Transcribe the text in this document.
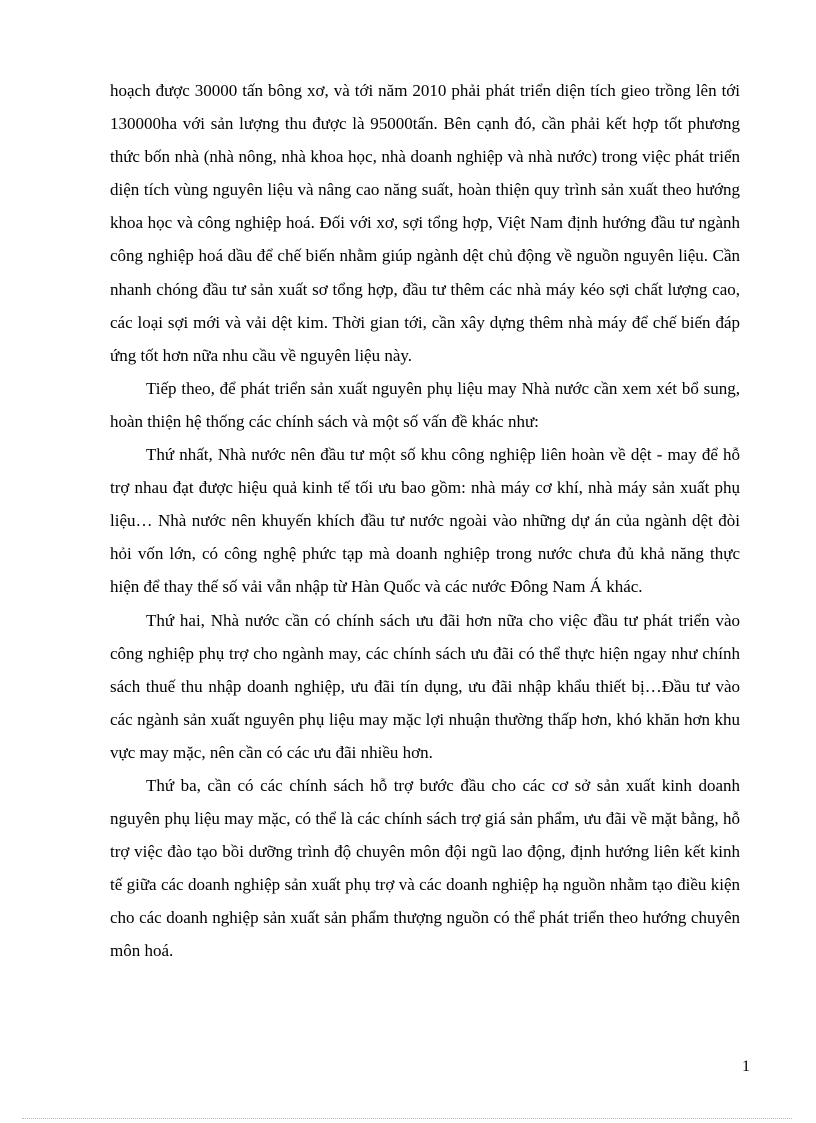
hoạch được 30000 tấn bông xơ, và tới năm 2010 phải phát triển diện tích gieo trồng lên tới 130000ha với sản lượng thu được là 95000tấn. Bên cạnh đó, cần phải kết hợp tốt phương thức bốn nhà (nhà nông, nhà khoa học, nhà doanh nghiệp và nhà nước) trong việc phát triển diện tích vùng nguyên liệu và nâng cao năng suất, hoàn thiện quy trình sản xuất theo hướng khoa học và công nghiệp hoá. Đối với xơ, sợi tổng hợp, Việt Nam định hướng đầu tư ngành công nghiệp hoá dầu để chế biến nhằm giúp ngành dệt chủ động về nguồn nguyên liệu. Cần nhanh chóng đầu tư sản xuất sơ tổng hợp, đầu tư thêm các nhà máy kéo sợi chất lượng cao, các loại sợi mới và vải dệt kim. Thời gian tới, cần xây dựng thêm nhà máy để chế biến đáp ứng tốt hơn nữa nhu cầu về nguyên liệu này.

Tiếp theo, để phát triển sản xuất nguyên phụ liệu may Nhà nước cần xem xét bổ sung, hoàn thiện hệ thống các chính sách và một số vấn đề khác như:

Thứ nhất, Nhà nước nên đầu tư một số khu công nghiệp liên hoàn về dệt - may để hỗ trợ nhau đạt được hiệu quả kinh tế tối ưu bao gồm: nhà máy cơ khí, nhà máy sản xuất phụ liệu… Nhà nước nên khuyến khích đầu tư nước ngoài vào những dự án của ngành dệt đòi hỏi vốn lớn, có công nghệ phức tạp mà doanh nghiệp trong nước chưa đủ khả năng thực hiện để thay thế số vải vẫn nhập từ Hàn Quốc và các nước Đông Nam Á khác.

Thứ hai, Nhà nước cần có chính sách ưu đãi hơn nữa cho việc đầu tư phát triển vào công nghiệp phụ trợ cho ngành may, các chính sách ưu đãi có thể thực hiện ngay như chính sách thuế thu nhập doanh nghiệp, ưu đãi tín dụng, ưu đãi nhập khẩu thiết bị…Đầu tư vào các ngành sản xuất nguyên phụ liệu may mặc lợi nhuận thường thấp hơn, khó khăn hơn khu vực may mặc, nên cần có các ưu đãi nhiều hơn.

Thứ ba, cần có các chính sách hỗ trợ bước đầu cho các cơ sở sản xuất kinh doanh nguyên phụ liệu may mặc, có thể là các chính sách trợ giá sản phẩm, ưu đãi về mặt bằng, hỗ trợ việc đào tạo bồi dưỡng trình độ chuyên môn đội ngũ lao động, định hướng liên kết kinh tế giữa các doanh nghiệp sản xuất phụ trợ và các doanh nghiệp hạ nguồn nhằm tạo điều kiện cho các doanh nghiệp sản xuất sản phẩm thượng nguồn có thể phát triển theo hướng chuyên môn hoá.

1
